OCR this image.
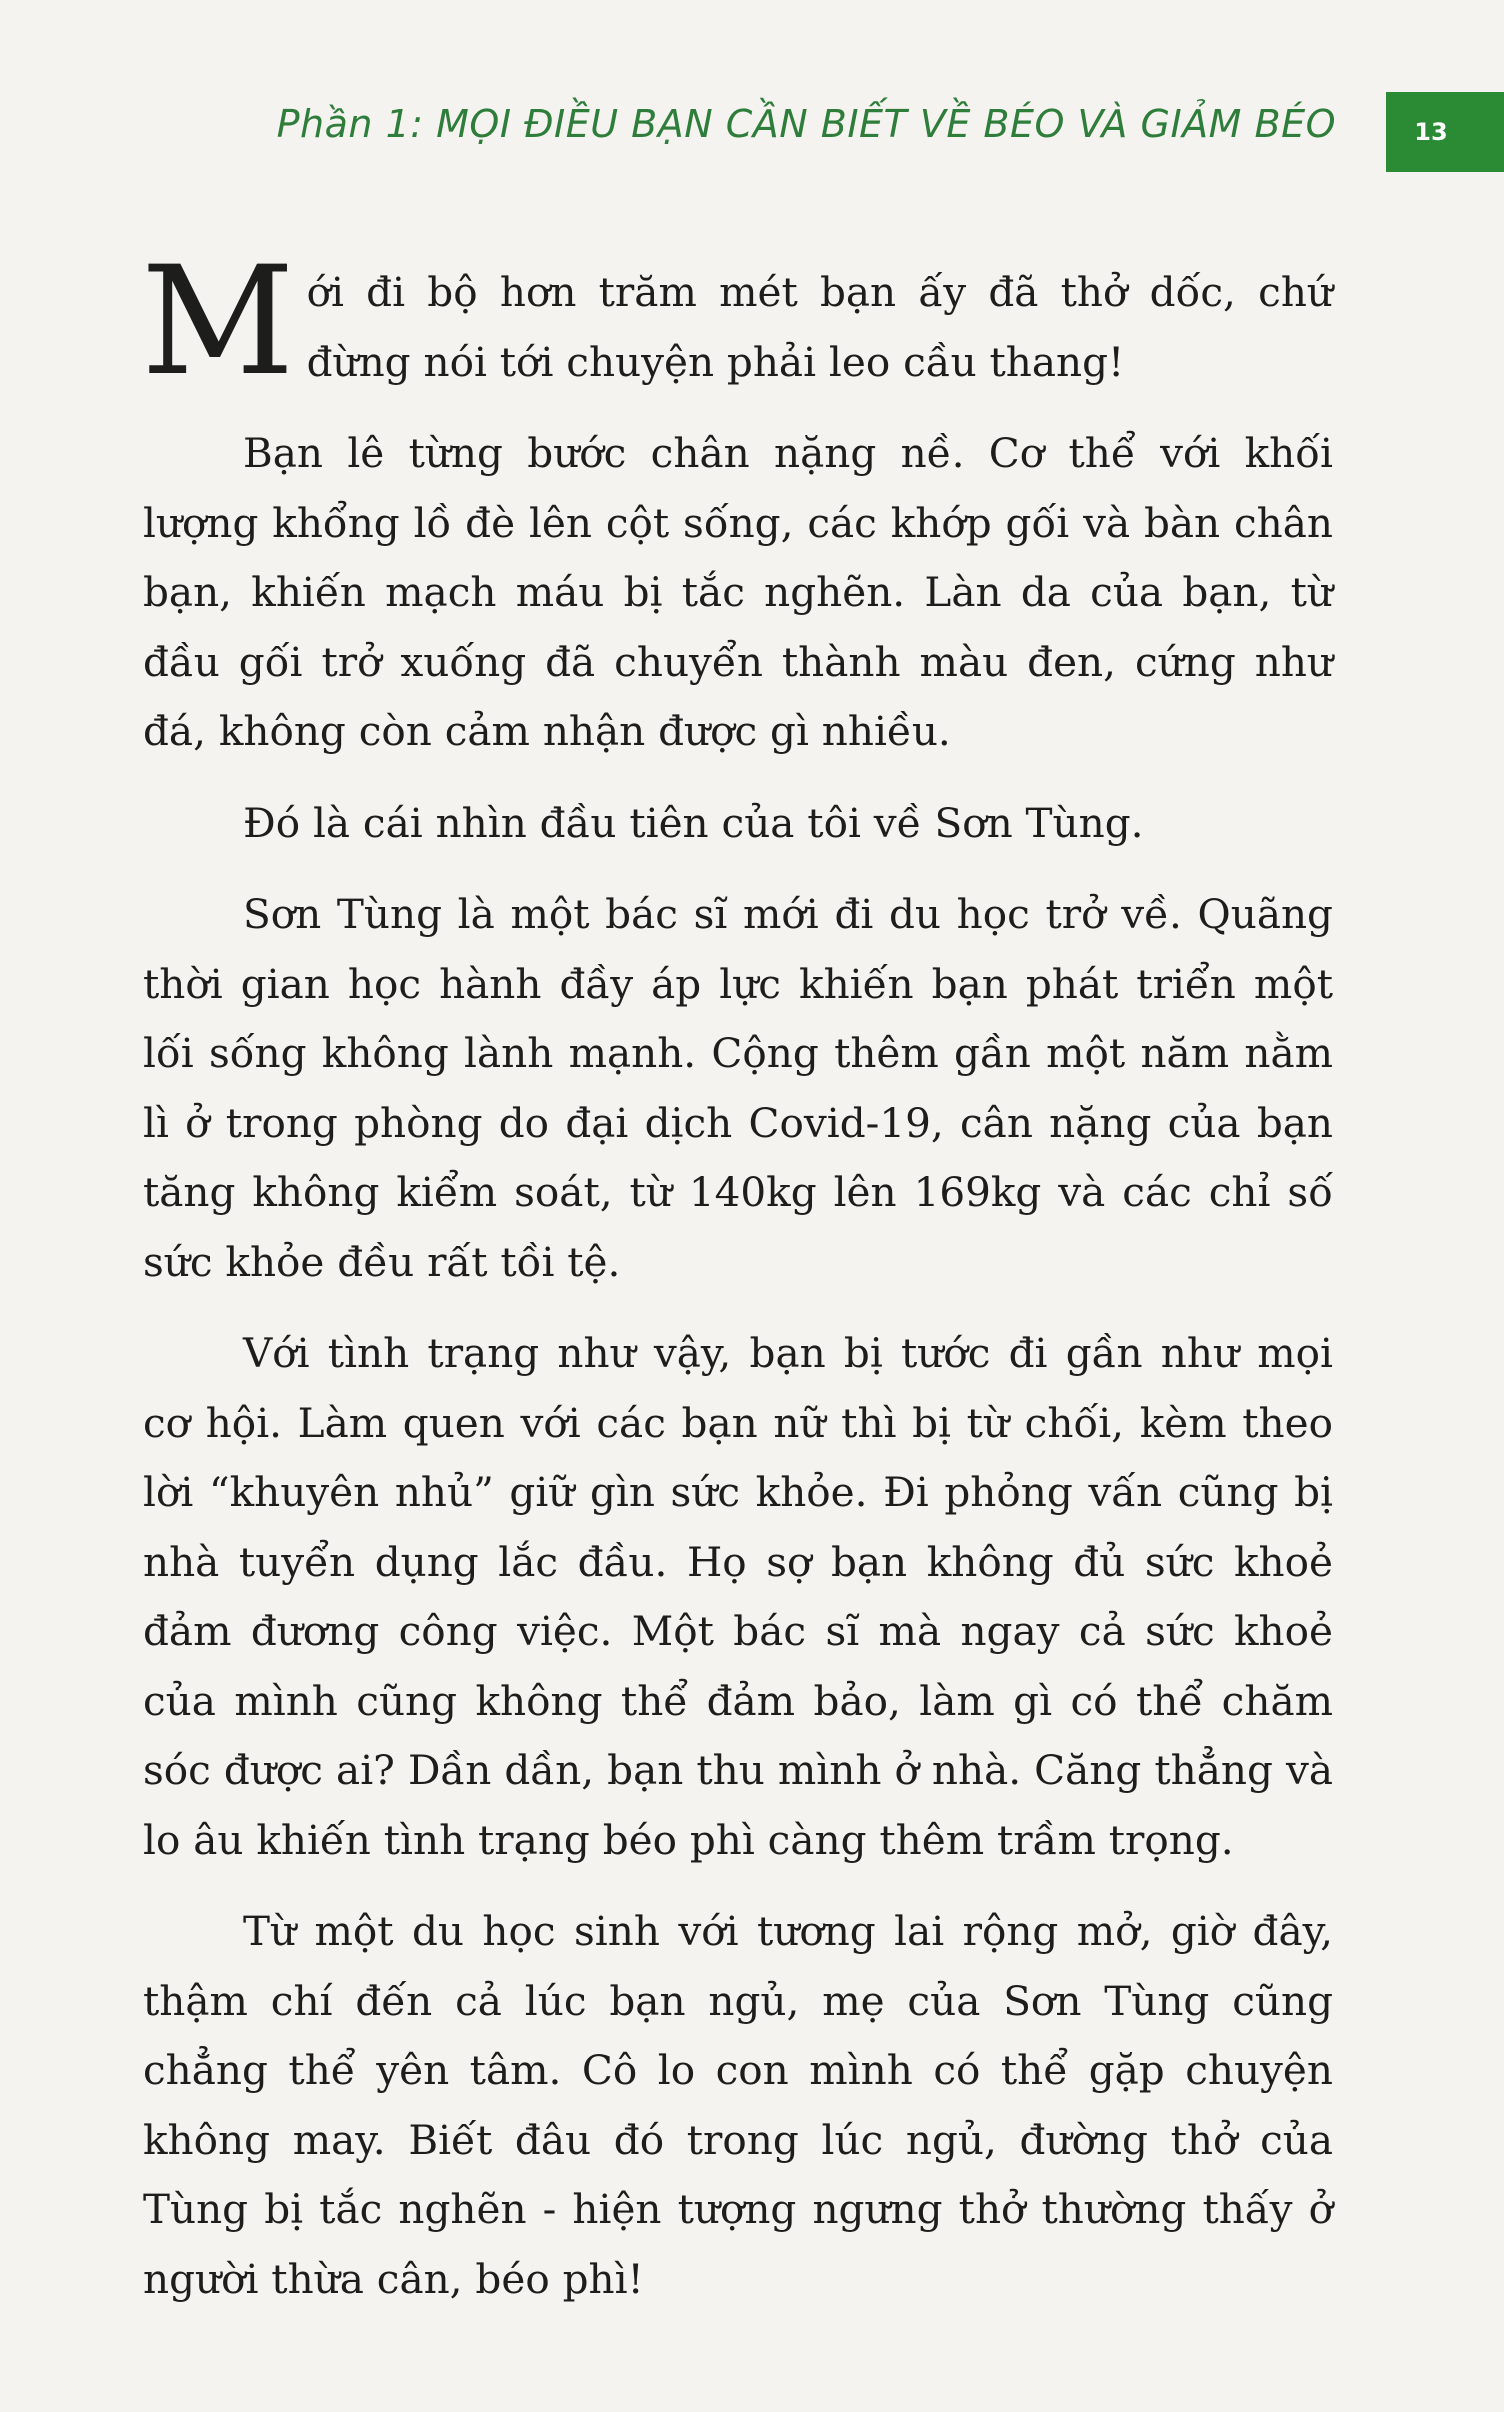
Phần 1: MỌI ĐIỀU BẠN CẦN BIẾT VỀ BÉO VÀ GIẢM BÉO	13

Mới đi bộ hơn trăm mét bạn ấy đã thở dốc, chứ đừng nói tới chuyện phải leo cầu thang!

Bạn lê từng bước chân nặng nề. Cơ thể với khối lượng khổng lồ đè lên cột sống, các khớp gối và bàn chân bạn, khiến mạch máu bị tắc nghẽn. Làn da của bạn, từ đầu gối trở xuống đã chuyển thành màu đen, cứng như đá, không còn cảm nhận được gì nhiều.

Đó là cái nhìn đầu tiên của tôi về Sơn Tùng.

Sơn Tùng là một bác sĩ mới đi du học trở về. Quãng thời gian học hành đầy áp lực khiến bạn phát triển một lối sống không lành mạnh. Cộng thêm gần một năm nằm lì ở trong phòng do đại dịch Covid-19, cân nặng của bạn tăng không kiểm soát, từ 140kg lên 169kg và các chỉ số sức khỏe đều rất tồi tệ.

Với tình trạng như vậy, bạn bị tước đi gần như mọi cơ hội. Làm quen với các bạn nữ thì bị từ chối, kèm theo lời “khuyên nhủ” giữ gìn sức khỏe. Đi phỏng vấn cũng bị nhà tuyển dụng lắc đầu. Họ sợ bạn không đủ sức khoẻ đảm đương công việc. Một bác sĩ mà ngay cả sức khoẻ của mình cũng không thể đảm bảo, làm gì có thể chăm sóc được ai? Dần dần, bạn thu mình ở nhà. Căng thẳng và lo âu khiến tình trạng béo phì càng thêm trầm trọng.

Từ một du học sinh với tương lai rộng mở, giờ đây, thậm chí đến cả lúc bạn ngủ, mẹ của Sơn Tùng cũng chẳng thể yên tâm. Cô lo con mình có thể gặp chuyện không may. Biết đâu đó trong lúc ngủ, đường thở của Tùng bị tắc nghẽn - hiện tượng ngưng thở thường thấy ở người thừa cân, béo phì!
